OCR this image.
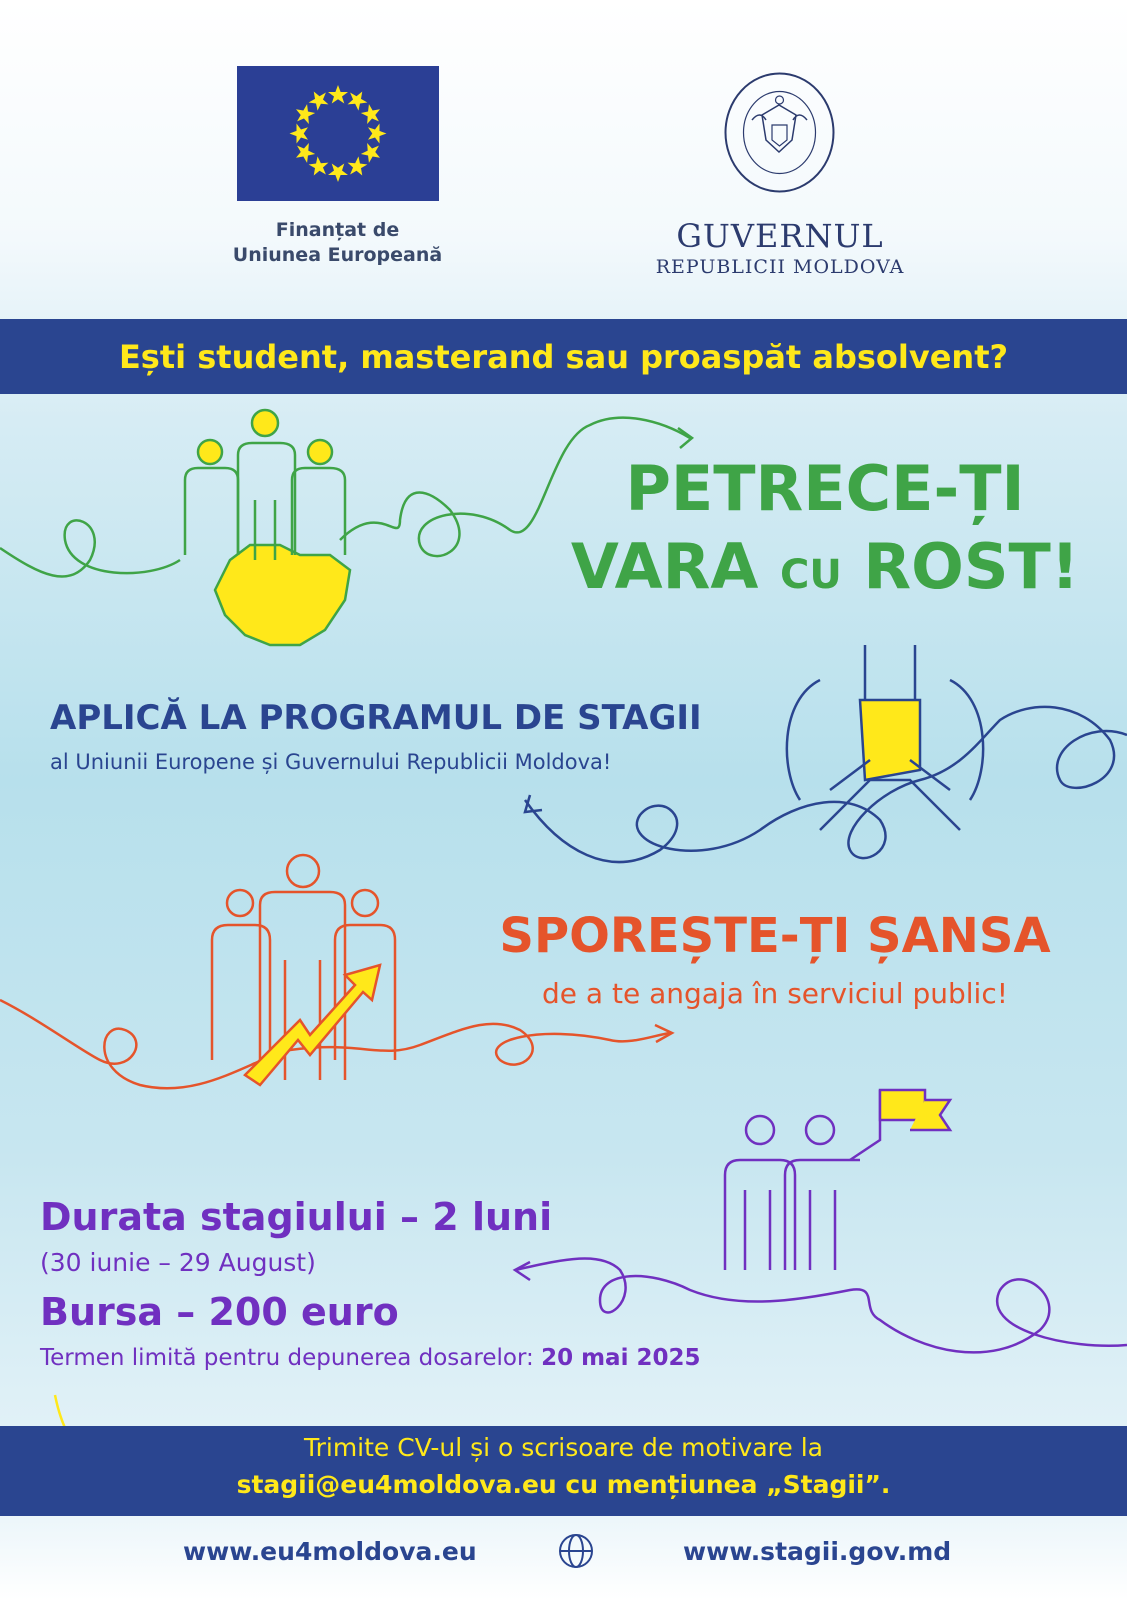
Finanțat de
Uniunea Europeană	GUVERNUL
REPUBLICII MOLDOVA
Ești student, masterand sau proaspăt absolvent?
PETRECE-ȚI
VARA CU ROST!
APLICĂ LA PROGRAMUL DE STAGII
al Uniunii Europene și Guvernului Republicii Moldova!
SPOREȘTE-ȚI ȘANSA
de a te angaja în serviciul public!
Durata stagiului – 2 luni
(30 iunie – 29 August)
Bursa – 200 euro
Termen limită pentru depunerea dosarelor: 20 mai 2025
Trimite CV-ul și o scrisoare de motivare la
stagii@eu4moldova.eu cu mențiunea „Stagii”.
www.eu4moldova.eu	www.stagii.gov.md
